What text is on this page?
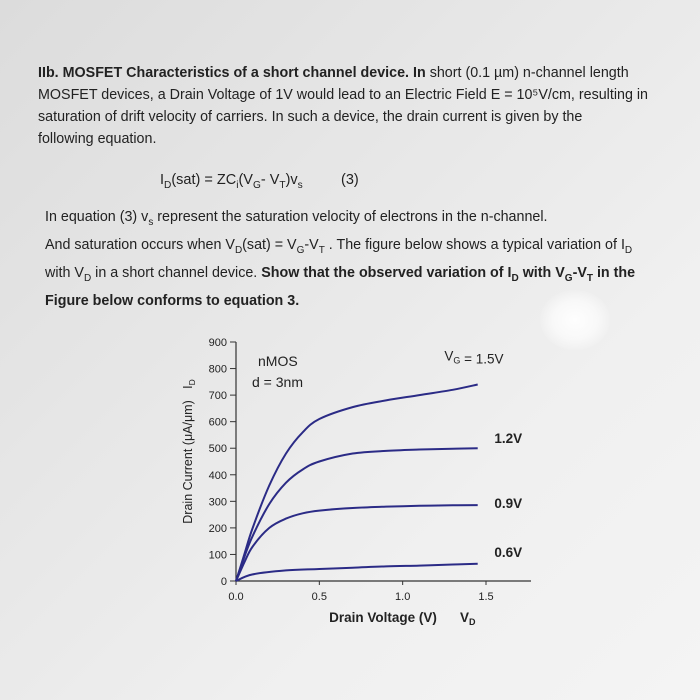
IIb. MOSFET Characteristics of a short channel device. In short (0.1 µm) n-channel length
MOSFET devices, a Drain Voltage of 1V would lead to an Electric Field E = 10⁵V/cm, resulting in
saturation of drift velocity of carriers. In such a device, the drain current is given by the
following equation.
$I_D(sat) = ZC_i(V_G-$ $V_T)v_s$	(3)
In equation (3) $v_s$ represent the saturation velocity of electrons in the n-channel.
And saturation occurs when $V_D(sat) = V_G-V_T$ . The figure below shows a typical variation of $I_D$
with $V_D$ in a short channel device. Show that the observed variation of $I_D$ with $V_G-V_T$ in the
Figure below conforms to equation 3.
0
100
200
300
400
500
600
700
800
900
0.0	0.5	1.0	1.5
Drain Current (μA/μm)
$I_D$
Drain Voltage (V) $V_D$
nMOS
d = 3nm
$V_G = 1.5V$
1.2V
0.9V
0.6V
